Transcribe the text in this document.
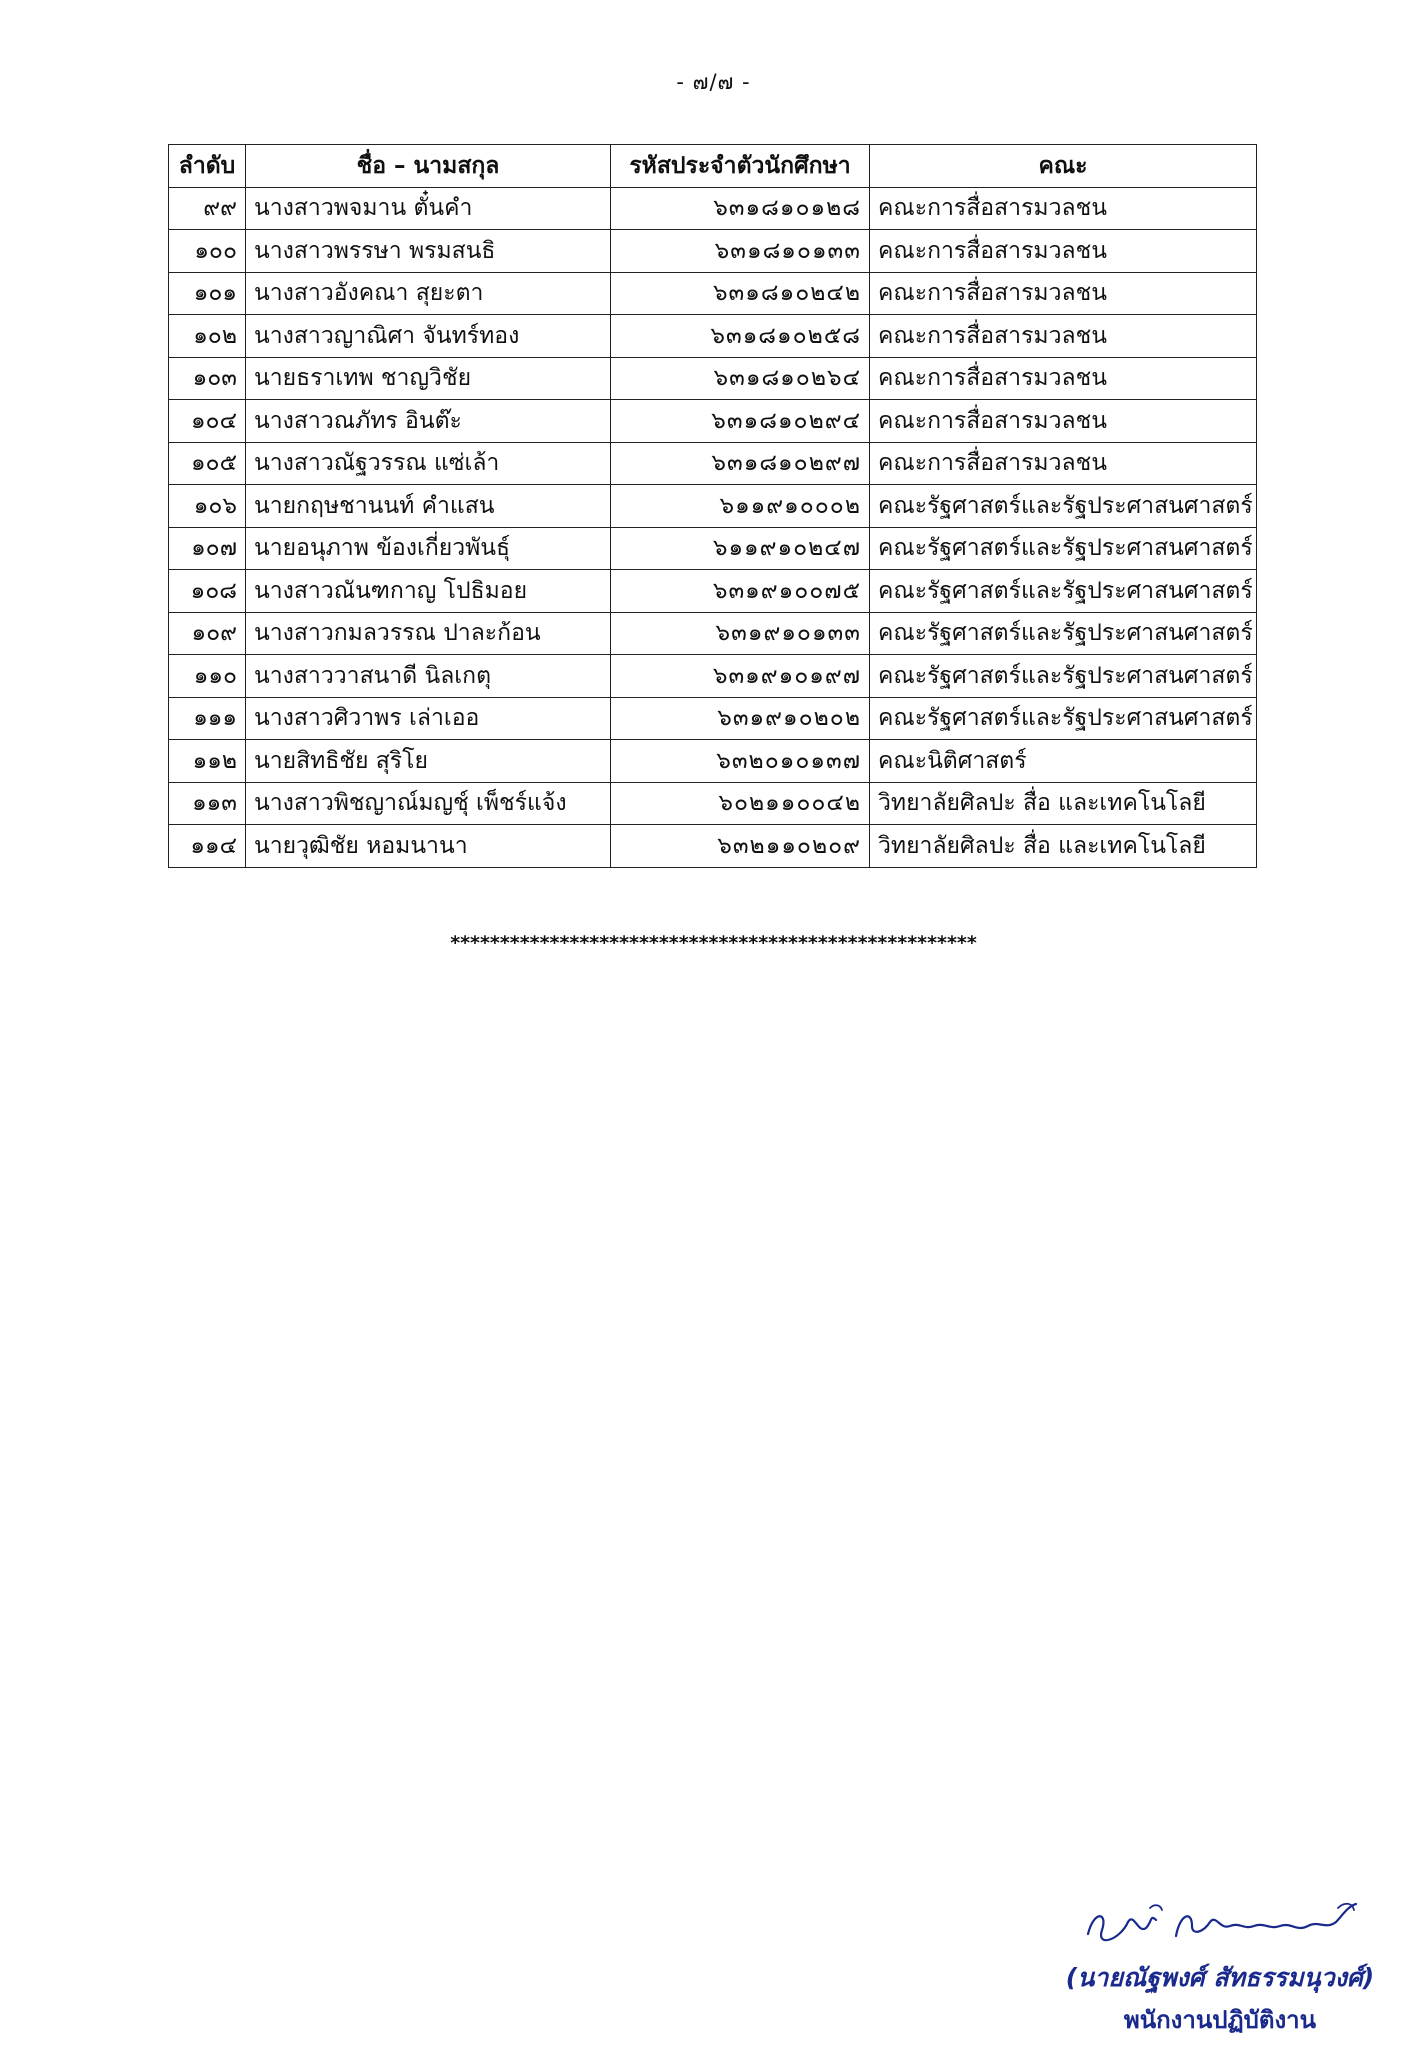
- ๗/๗ -
ลำดับ	ชื่อ – นามสกุล	รหัสประจำตัวนักศึกษา	คณะ
๙๙	นางสาวพจมาน ตั๋นคำ	๖๓๑๘๑๐๑๒๘	คณะการสื่อสารมวลชน
๑๐๐	นางสาวพรรษา พรมสนธิ	๖๓๑๘๑๐๑๓๓	คณะการสื่อสารมวลชน
๑๐๑	นางสาวอังคณา สุยะตา	๖๓๑๘๑๐๒๔๒	คณะการสื่อสารมวลชน
๑๐๒	นางสาวญาณิศา จันทร์ทอง	๖๓๑๘๑๐๒๕๘	คณะการสื่อสารมวลชน
๑๐๓	นายธราเทพ ชาญวิชัย	๖๓๑๘๑๐๒๖๔	คณะการสื่อสารมวลชน
๑๐๔	นางสาวณภัทร อินต๊ะ	๖๓๑๘๑๐๒๙๔	คณะการสื่อสารมวลชน
๑๐๕	นางสาวณัฐวรรณ แซ่เล้า	๖๓๑๘๑๐๒๙๗	คณะการสื่อสารมวลชน
๑๐๖	นายกฤษชานนท์ คำแสน	๖๑๑๙๑๐๐๐๒	คณะรัฐศาสตร์และรัฐประศาสนศาสตร์
๑๐๗	นายอนุภาพ ข้องเกี่ยวพันธุ์	๖๑๑๙๑๐๒๔๗	คณะรัฐศาสตร์และรัฐประศาสนศาสตร์
๑๐๘	นางสาวณันฑกาญ โปธิมอย	๖๓๑๙๑๐๐๗๕	คณะรัฐศาสตร์และรัฐประศาสนศาสตร์
๑๐๙	นางสาวกมลวรรณ ปาละก้อน	๖๓๑๙๑๐๑๓๓	คณะรัฐศาสตร์และรัฐประศาสนศาสตร์
๑๑๐	นางสาววาสนาดี นิลเกตุ	๖๓๑๙๑๐๑๙๗	คณะรัฐศาสตร์และรัฐประศาสนศาสตร์
๑๑๑	นางสาวศิวาพร เล่าเออ	๖๓๑๙๑๐๒๐๒	คณะรัฐศาสตร์และรัฐประศาสนศาสตร์
๑๑๒	นายสิทธิชัย สุริโย	๖๓๒๐๑๐๑๓๗	คณะนิติศาสตร์
๑๑๓	นางสาวพิชญาณ์มญชุ์ เพ็ชร์แจ้ง	๖๐๒๑๑๐๐๔๒	วิทยาลัยศิลปะ สื่อ และเทคโนโลยี
๑๑๔	นายวุฒิชัย หอมนานา	๖๓๒๑๑๐๒๐๙	วิทยาลัยศิลปะ สื่อ และเทคโนโลยี
*****************************************************
(นายณัฐพงศ์ สัทธรรมนุวงศ์)
พนักงานปฏิบัติงาน
